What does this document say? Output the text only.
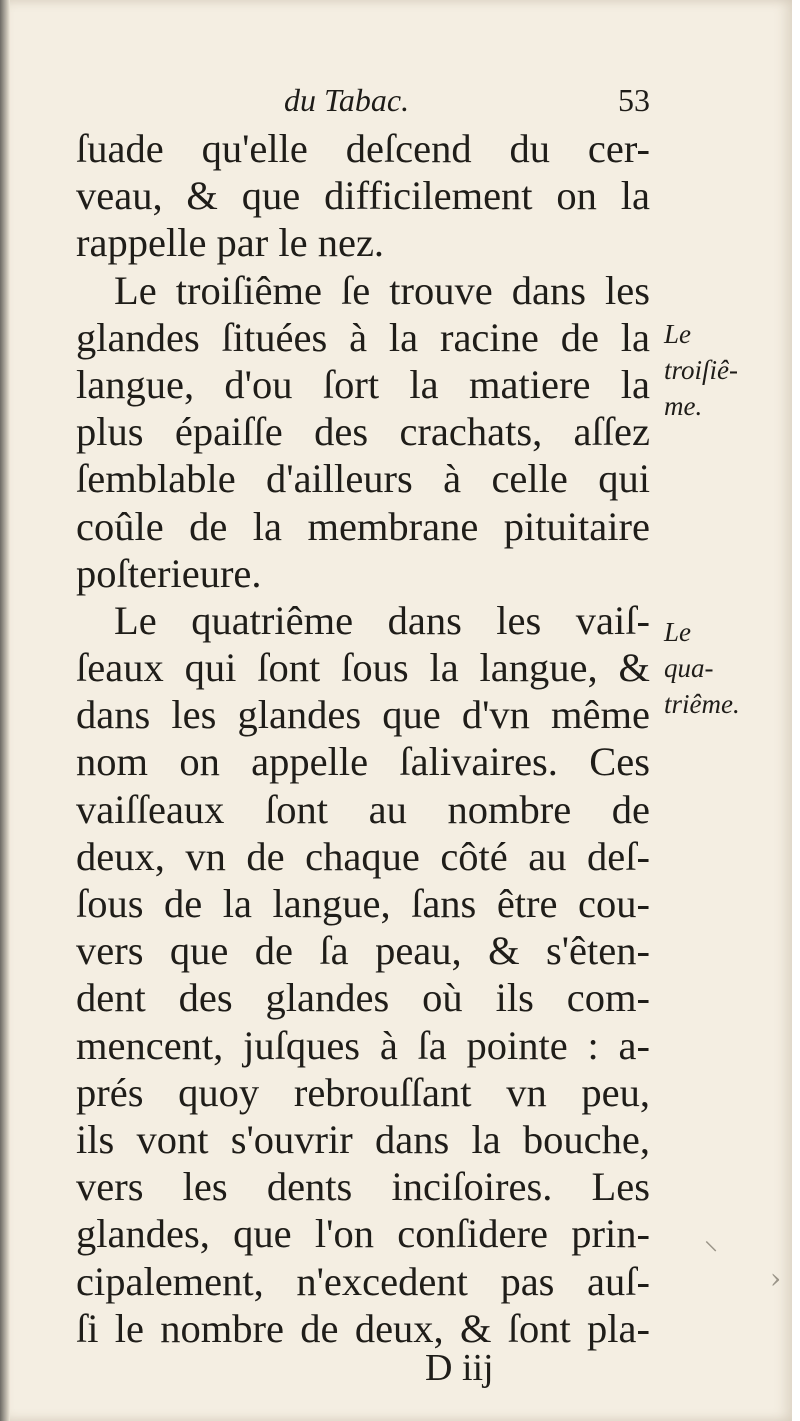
du Tabac.	53
ſuade qu'elle deſcend du cer-
veau, & que difficilement on la
rappelle par le nez.
Le troiſiême ſe trouve dans les
glandes ſituées à la racine de la
langue, d'ou ſort la matiere la
plus épaiſſe des crachats, aſſez
ſemblable d'ailleurs à celle qui
coûle de la membrane pituitaire
poſterieure.
Le quatriême dans les vaiſ-
ſeaux qui ſont ſous la langue, &
dans les glandes que d'vn même
nom on appelle ſalivaires. Ces
vaiſſeaux ſont au nombre de
deux, vn de chaque côté au deſ-
ſous de la langue, ſans être cou-
vers que de ſa peau, & s'êten-
dent des glandes où ils com-
mencent, juſques à ſa pointe : a-
prés quoy rebrouſſant vn peu,
ils vont s'ouvrir dans la bouche,
vers les dents inciſoires. Les
glandes, que l'on conſidere prin-
cipalement, n'excedent pas auſ-
ſi le nombre de deux, & ſont pla-
Le
troiſiê-
me.
Le
qua-
triême.
⸌
›
D iij
